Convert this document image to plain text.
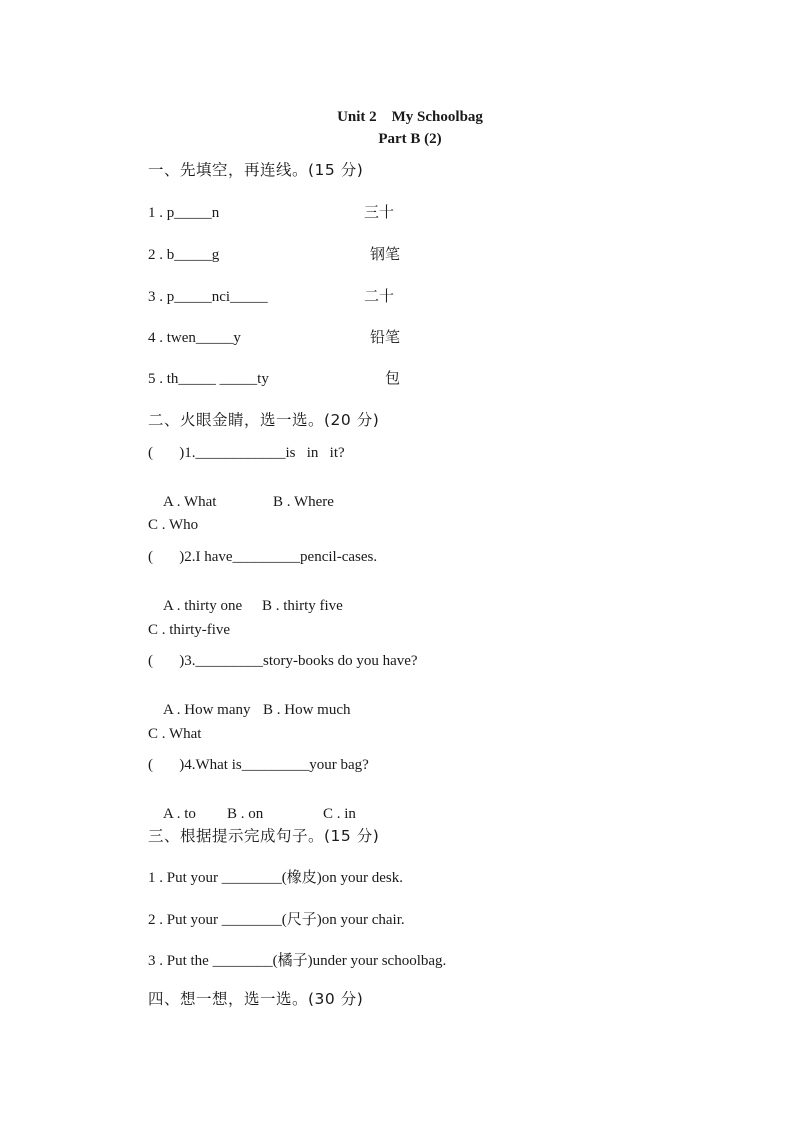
Unit 2    My Schoolbag
Part B (2)
一、先填空，再连线。(15 分)
1 . p_____n	三十
2 . b_____g	钢笔
3 . p_____nci_____	二十
4 . twen_____y	铅笔
5 . th_____ _____ty	包
二、火眼金睛，选一选。(20 分)
(       )1.____________is   in   it?

A . What	B . Where

C . Who
(       )2.I have_________pencil-cases.

A . thirty one B . thirty five

C . thirty-five
(       )3._________story-books do you have?

A . How many B . How much

C . What
(       )4.What is_________your bag?

A . to B . on	C . in

三、根据提示完成句子。(15 分)
1 . Put your ________(橡皮)on your desk.
2 . Put your ________(尺子)on your chair.
3 . Put the ________(橘子)under your schoolbag.
四、想一想，选一选。(30 分)
